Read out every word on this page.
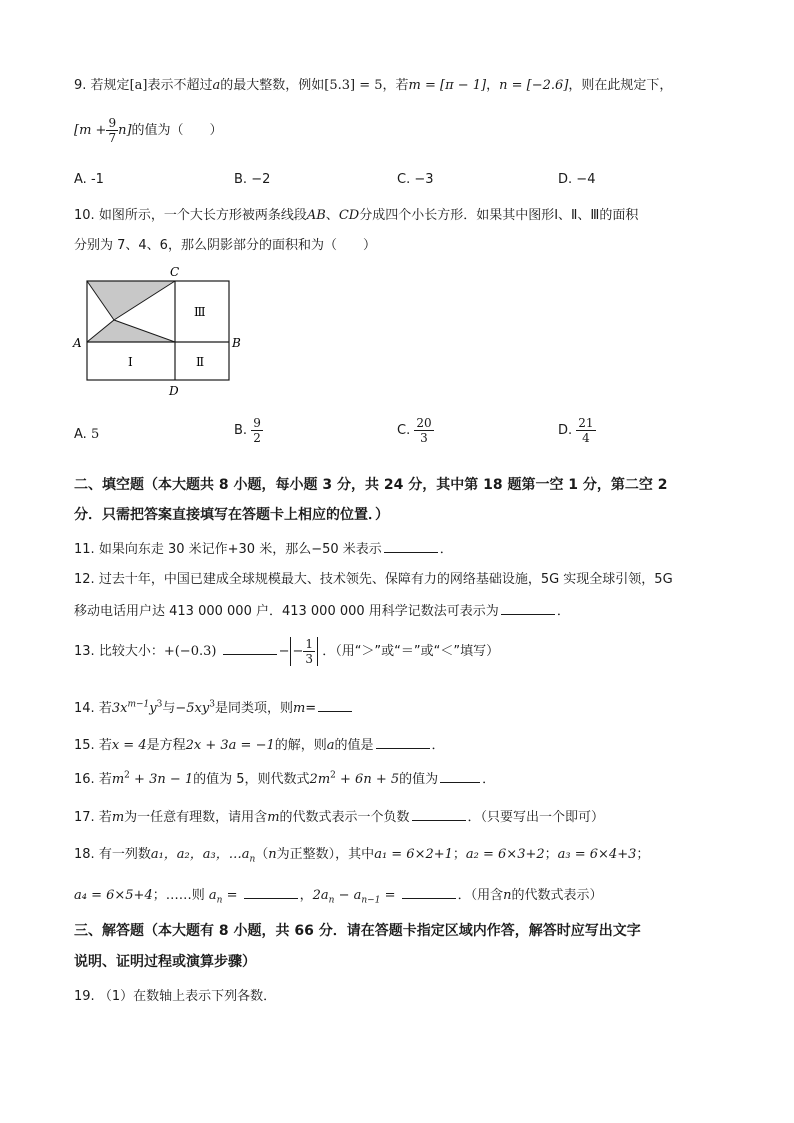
9. 若规定[a]表示不超过a的最大整数，例如[5.3] = 5，若m = [π − 1]，n = [−2.6]，则在此规定下，
$[m + \frac{9}{7} n]$的值为（　　）
A. -1	B. −2	C. −3	D. −4
10. 如图所示，一个大长方形被两条线段AB、CD分成四个小长方形．如果其中图形Ⅰ、Ⅱ、Ⅲ的面积
分别为 7、4、6，那么阴影部分的面积和为（　　）
C
A	B
D
Ⅲ
Ⅰ	Ⅱ
A. 5	B. $\frac{9}{2}$	C. $\frac{20}{3}$	D. $\frac{21}{4}$
二、填空题（本大题共 8 小题，每小题 3 分，共 24 分，其中第 18 题第一空 1 分，第二空 2
分．只需把答案直接填写在答题卡上相应的位置．）
11. 如果向东走 30 米记作+30 米，那么−50 米表示	．
12. 过去十年，中国已建成全球规模最大、技术领先、保障有力的网络基础设施，5G 实现全球引领，5G
移动电话用户达 413 000 000 户．413 000 000 用科学记数法可表示为	．
13. 比较大小：+(−0.3)	− − $\frac{1}{3}$ ．（用“＞”或“＝”或“＜”填写）
14. 若$3x^{m-1}y^3$与$-5xy^3$是同类项，则m=
15. 若x = 4是方程2x + 3a = −1的解，则a的值是	．
16. 若$m^2 + 3n - 1$的值为 5，则代数式$2m^2 + 6n + 5$的值为	．
17. 若m为一任意有理数，请用含m的代数式表示一个负数	．（只要写出一个即可）
18. 有一列数a₁，a₂，a₃，$\dots a_n(n$为正整数），其中a₁ = 6×2+1；a₂ = 6×3+2；a₃ = 6×4+3；
a₄ = 6×5+4；……则 $a_n$ =	，$2a_n - a_{n-1}$ =	．（用含n的代数式表示）
三、解答题（本大题有 8 小题，共 66 分．请在答题卡指定区域内作答，解答时应写出文字
说明、证明过程或演算步骤）
19. （1）在数轴上表示下列各数．
